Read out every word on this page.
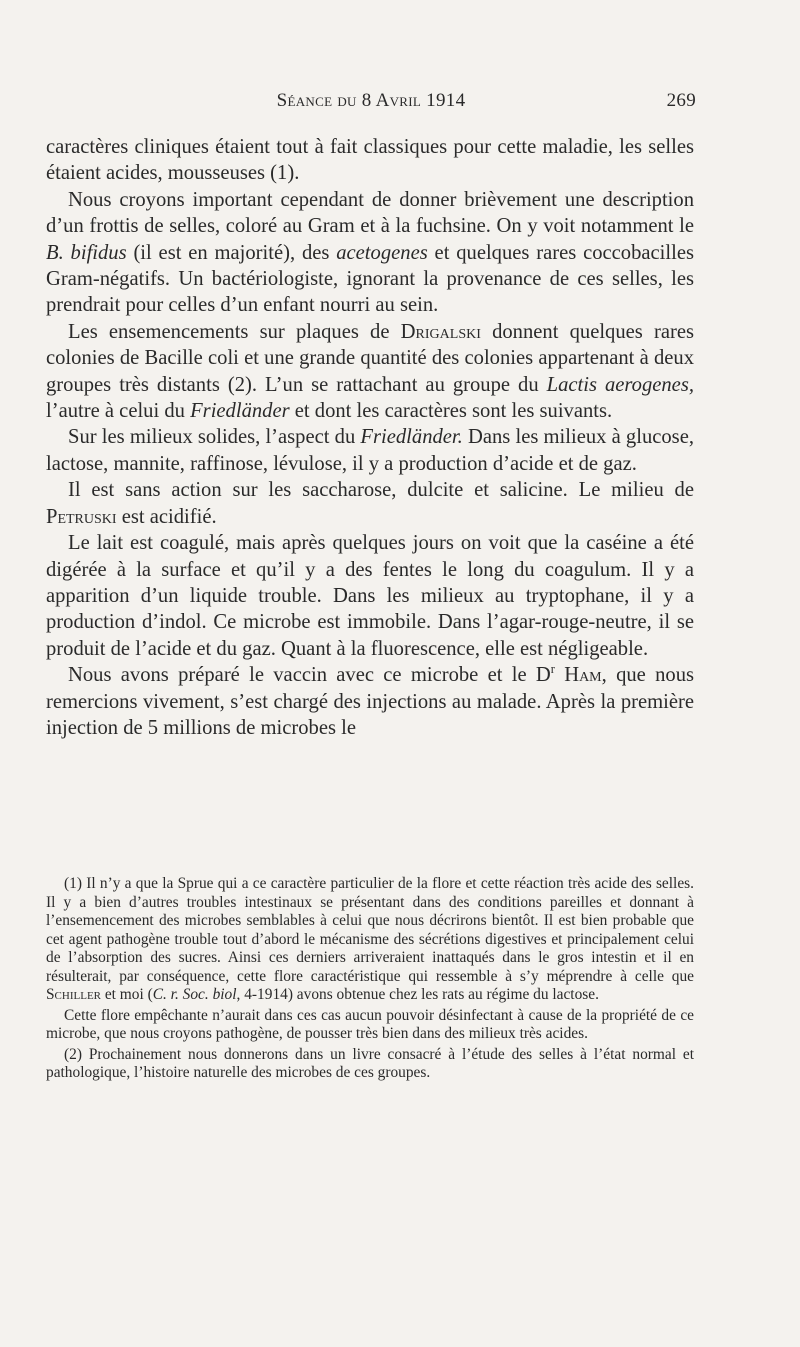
Séance du 8 Avril 1914	269

caractères cliniques étaient tout à fait classiques pour cette maladie, les selles étaient acides, mousseuses (1).

Nous croyons important cependant de donner brièvement une description d’un frottis de selles, coloré au Gram et à la fuchsine. On y voit notamment le B. bifidus (il est en majorité), des acetogenes et quelques rares coccobacilles Gram-négatifs. Un bactériologiste, ignorant la provenance de ces selles, les prendrait pour celles d’un enfant nourri au sein.

Les ensemencements sur plaques de Drigalski donnent quelques rares colonies de Bacille coli et une grande quantité des colonies appartenant à deux groupes très distants (2). L’un se rattachant au groupe du Lactis aerogenes, l’autre à celui du Friedländer et dont les caractères sont les suivants.

Sur les milieux solides, l’aspect du Friedländer. Dans les milieux à glucose, lactose, mannite, raffinose, lévulose, il y a production d’acide et de gaz.

Il est sans action sur les saccharose, dulcite et salicine. Le milieu de Petruski est acidifié.

Le lait est coagulé, mais après quelques jours on voit que la caséine a été digérée à la surface et qu’il y a des fentes le long du coagulum. Il y a apparition d’un liquide trouble. Dans les milieux au tryptophane, il y a production d’indol. Ce microbe est immobile. Dans l’agar-rouge-neutre, il se produit de l’acide et du gaz. Quant à la fluorescence, elle est négligeable.

Nous avons préparé le vaccin avec ce microbe et le $D^r$ Ham, que nous remercions vivement, s’est chargé des injections au malade. Après la première injection de 5 millions de microbes le

(1) Il n’y a que la Sprue qui a ce caractère particulier de la flore et cette réaction très acide des selles. Il y a bien d’autres troubles intestinaux se présentant dans des conditions pareilles et donnant à l’ensemencement des microbes semblables à celui que nous décrirons bientôt. Il est bien probable que cet agent pathogène trouble tout d’abord le mécanisme des sécrétions digestives et principalement celui de l’absorption des sucres. Ainsi ces derniers arriveraient inattaqués dans le gros intestin et il en résulterait, par conséquence, cette flore caractéristique qui ressemble à s’y méprendre à celle que Schiller et moi (C. r. Soc. biol, 4-1914) avons obtenue chez les rats au régime du lactose.

Cette flore empêchante n’aurait dans ces cas aucun pouvoir désinfectant à cause de la propriété de ce microbe, que nous croyons pathogène, de pousser très bien dans des milieux très acides.

(2) Prochainement nous donnerons dans un livre consacré à l’étude des selles à l’état normal et pathologique, l’histoire naturelle des microbes de ces groupes.
